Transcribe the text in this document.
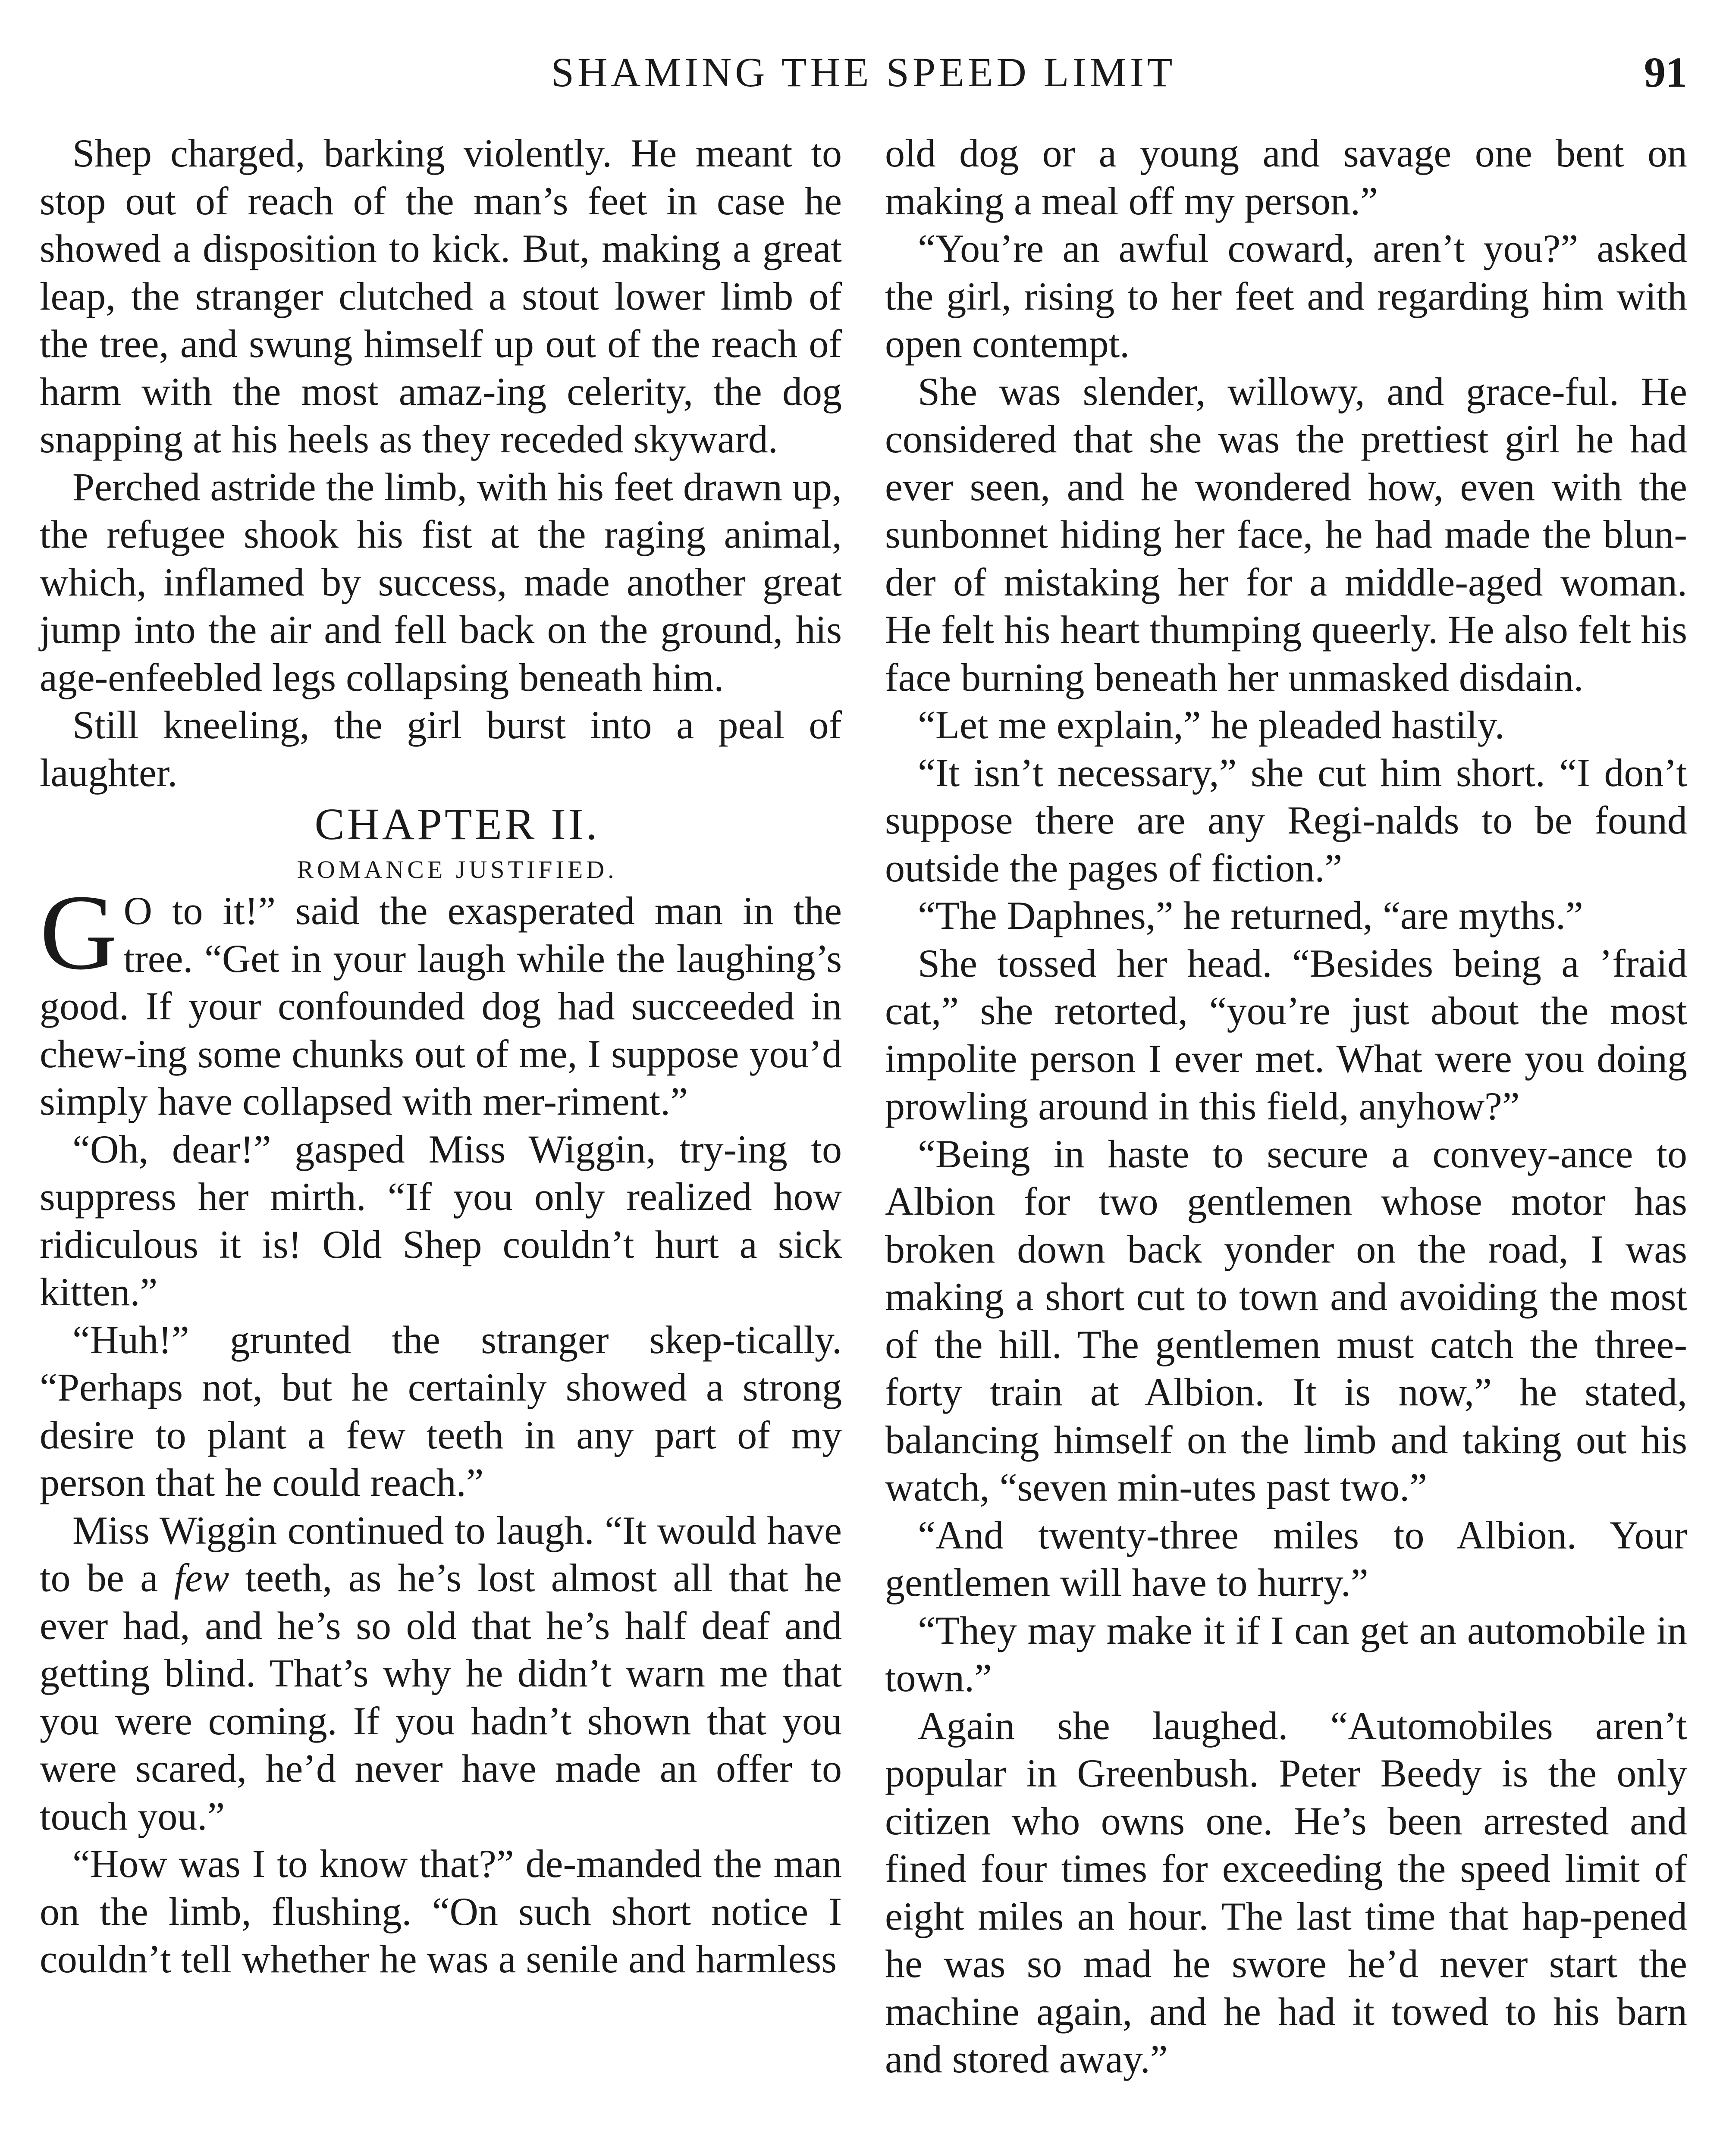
SHAMING THE SPEED LIMIT	91

Shep charged, barking violently. He meant to stop out of reach of the man’s feet in case he showed a disposition to kick. But, making a great leap, the stranger clutched a stout lower limb of the tree, and swung himself up out of the reach of harm with the most amaz-ing celerity, the dog snapping at his heels as they receded skyward.

Perched astride the limb, with his feet drawn up, the refugee shook his fist at the raging animal, which, inflamed by success, made another great jump into the air and fell back on the ground, his age-enfeebled legs collapsing beneath him.

Still kneeling, the girl burst into a peal of laughter.

CHAPTER II.

ROMANCE JUSTIFIED.

G O to it!” said the exasperated man in the tree. “Get in your laugh while the laughing’s good. If your confounded dog had succeeded in chew-ing some chunks out of me, I suppose you’d simply have collapsed with mer-riment.”

“Oh, dear!” gasped Miss Wiggin, try-ing to suppress her mirth. “If you only realized how ridiculous it is! Old Shep couldn’t hurt a sick kitten.”

“Huh!” grunted the stranger skep-tically. “Perhaps not, but he certainly showed a strong desire to plant a few teeth in any part of my person that he could reach.”

Miss Wiggin continued to laugh. “It would have to be a few teeth, as he’s lost almost all that he ever had, and he’s so old that he’s half deaf and getting blind. That’s why he didn’t warn me that you were coming. If you hadn’t shown that you were scared, he’d never have made an offer to touch you.”

“How was I to know that?” de-manded the man on the limb, flushing. “On such short notice I couldn’t tell whether he was a senile and harmless

old dog or a young and savage one bent on making a meal off my person.”

“You’re an awful coward, aren’t you?” asked the girl, rising to her feet and regarding him with open contempt.

She was slender, willowy, and grace-ful. He considered that she was the prettiest girl he had ever seen, and he wondered how, even with the sunbonnet hiding her face, he had made the blun-der of mistaking her for a middle-aged woman. He felt his heart thumping queerly. He also felt his face burning beneath her unmasked disdain.

“Let me explain,” he pleaded hastily.

“It isn’t necessary,” she cut him short. “I don’t suppose there are any Regi-nalds to be found outside the pages of fiction.”

“The Daphnes,” he returned, “are myths.”

She tossed her head. “Besides being a ’fraid cat,” she retorted, “you’re just about the most impolite person I ever met. What were you doing prowling around in this field, anyhow?”

“Being in haste to secure a convey-ance to Albion for two gentlemen whose motor has broken down back yonder on the road, I was making a short cut to town and avoiding the most of the hill. The gentlemen must catch the three-forty train at Albion. It is now,” he stated, balancing himself on the limb and taking out his watch, “seven min-utes past two.”

“And twenty-three miles to Albion. Your gentlemen will have to hurry.”

“They may make it if I can get an automobile in town.”

Again she laughed. “Automobiles aren’t popular in Greenbush. Peter Beedy is the only citizen who owns one. He’s been arrested and fined four times for exceeding the speed limit of eight miles an hour. The last time that hap-pened he was so mad he swore he’d never start the machine again, and he had it towed to his barn and stored away.”
